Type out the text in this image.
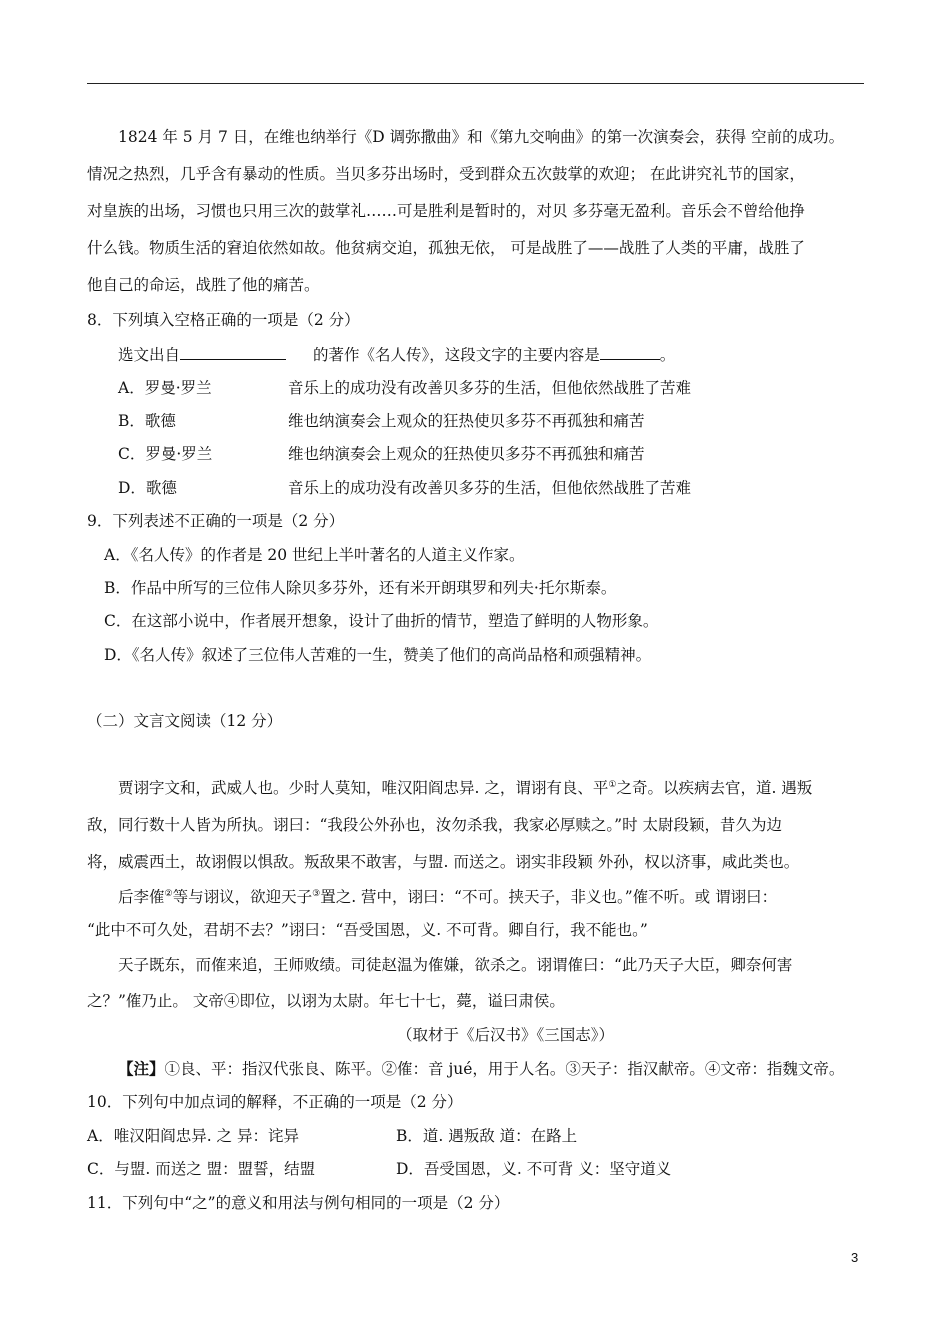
1824 年 5 月 7 日，在维也纳举行《D 调弥撒曲》和《第九交响曲》的第一次演奏会，获得 空前的成功。
情况之热烈，几乎含有暴动的性质。当贝多芬出场时，受到群众五次鼓掌的欢迎； 在此讲究礼节的国家，
对皇族的出场，习惯也只用三次的鼓掌礼……可是胜利是暂时的，对贝 多芬毫无盈利。音乐会不曾给他挣
什么钱。物质生活的窘迫依然如故。他贫病交迫，孤独无依， 可是战胜了——战胜了人类的平庸，战胜了
他自己的命运，战胜了他的痛苦。
8．下列填入空格正确的一项是（2 分）
选文出自	的著作《名人传》，这段文字的主要内容是	。
A．罗曼·罗兰	音乐上的成功没有改善贝多芬的生活，但他依然战胜了苦难
B．歌德	维也纳演奏会上观众的狂热使贝多芬不再孤独和痛苦
C．罗曼·罗兰	维也纳演奏会上观众的狂热使贝多芬不再孤独和痛苦
D．歌德	音乐上的成功没有改善贝多芬的生活，但他依然战胜了苦难
9．下列表述不正确的一项是（2 分）
A．《名人传》的作者是 20 世纪上半叶著名的人道主义作家。
B．作品中所写的三位伟人除贝多芬外，还有米开朗琪罗和列夫·托尔斯泰。
C．在这部小说中，作者展开想象，设计了曲折的情节，塑造了鲜明的人物形象。
D．《名人传》叙述了三位伟人苦难的一生，赞美了他们的高尚品格和顽强精神。
（二）文言文阅读（12 分）
贾诩字文和，武威人也。少时人莫知，唯汉阳阎忠异. 之，谓诩有良、平①之奇。以疾病去官，道. 遇叛
敌，同行数十人皆为所执。诩曰：“我段公外孙也，汝勿杀我，我家必厚赎之。”时 太尉段颖，昔久为边
将，威震西土，故诩假以惧敌。叛敌果不敢害，与盟. 而送之。诩实非段颖 外孙，权以济事，咸此类也。
后李傕②等与诩议，欲迎天子③置之. 营中，诩曰：“不可。挟天子，非义也。”傕不听。或 谓诩曰：
“此中不可久处，君胡不去？”诩曰：“吾受国恩，义. 不可背。卿自行，我不能也。”
天子既东，而傕来追，王师败绩。司徒赵温为傕嫌，欲杀之。诩谓傕曰：“此乃天子大臣，卿奈何害
之？”傕乃止。 文帝④即位，以诩为太尉。年七十七，薨，谥曰肃侯。
（取材于《后汉书》《三国志》）
【注】①良、平：指汉代张良、陈平。②傕：音 jué，用于人名。③天子：指汉献帝。④文帝：指魏文帝。
10．下列句中加点词的解释，不正确的一项是（2 分）
A．唯汉阳阎忠异. 之 异：诧异	B．道. 遇叛敌 道：在路上
C．与盟. 而送之 盟：盟誓，结盟	D．吾受国恩，义. 不可背 义：坚守道义
11．下列句中“之”的意义和用法与例句相同的一项是（2 分）
3
